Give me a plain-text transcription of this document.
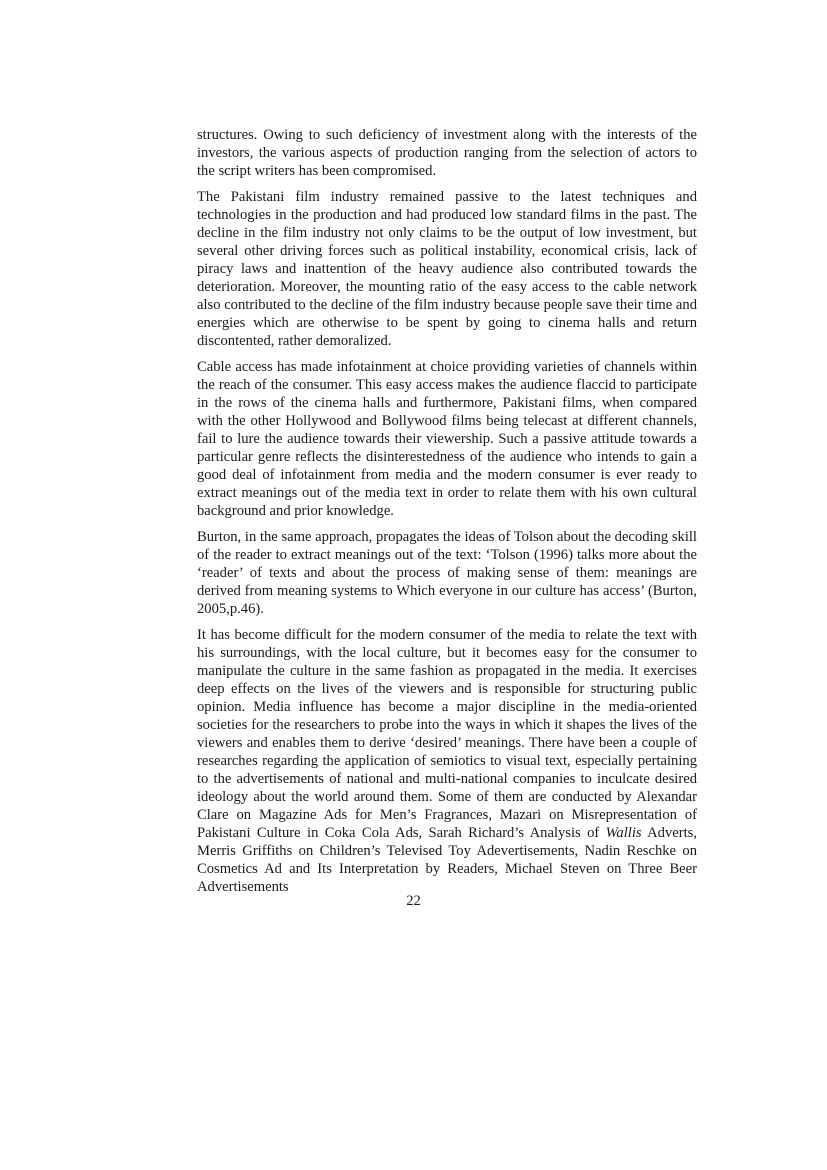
structures. Owing to such deficiency of investment along with the interests of the investors, the various aspects of production ranging from the selection of actors to the script writers has been compromised.

The Pakistani film industry remained passive to the latest techniques and technologies in the production and had produced low standard films in the past. The decline in the film industry not only claims to be the output of low investment, but several other driving forces such as political instability, economical crisis, lack of piracy laws and inattention of the heavy audience also contributed towards the deterioration. Moreover, the mounting ratio of the easy access to the cable network also contributed to the decline of the film industry because people save their time and energies which are otherwise to be spent by going to cinema halls and return discontented, rather demoralized.

Cable access has made infotainment at choice providing varieties of channels within the reach of the consumer. This easy access makes the audience flaccid to participate in the rows of the cinema halls and furthermore, Pakistani films, when compared with the other Hollywood and Bollywood films being telecast at different channels, fail to lure the audience towards their viewership. Such a passive attitude towards a particular genre reflects the disinterestedness of the audience who intends to gain a good deal of infotainment from media and the modern consumer is ever ready to extract meanings out of the media text in order to relate them with his own cultural background and prior knowledge.

Burton, in the same approach, propagates the ideas of Tolson about the decoding skill of the reader to extract meanings out of the text: ‘Tolson (1996) talks more about the ‘reader’ of texts and about the process of making sense of them: meanings are derived from meaning systems to Which everyone in our culture has access’ (Burton, 2005,p.46).

It has become difficult for the modern consumer of the media to relate the text with his surroundings, with the local culture, but it becomes easy for the consumer to manipulate the culture in the same fashion as propagated in the media. It exercises deep effects on the lives of the viewers and is responsible for structuring public opinion. Media influence has become a major discipline in the media-oriented societies for the researchers to probe into the ways in which it shapes the lives of the viewers and enables them to derive ‘desired’ meanings. There have been a couple of researches regarding the application of semiotics to visual text, especially pertaining to the advertisements of national and multi-national companies to inculcate desired ideology about the world around them. Some of them are conducted by Alexandar Clare on Magazine Ads for Men’s Fragrances, Mazari on Misrepresentation of Pakistani Culture in Coka Cola Ads, Sarah Richard’s Analysis of Wallis Adverts, Merris Griffiths on Children’s Televised Toy Adevertisements, Nadin Reschke on Cosmetics Ad and Its Interpretation by Readers, Michael Steven on Three Beer Advertisements

22
